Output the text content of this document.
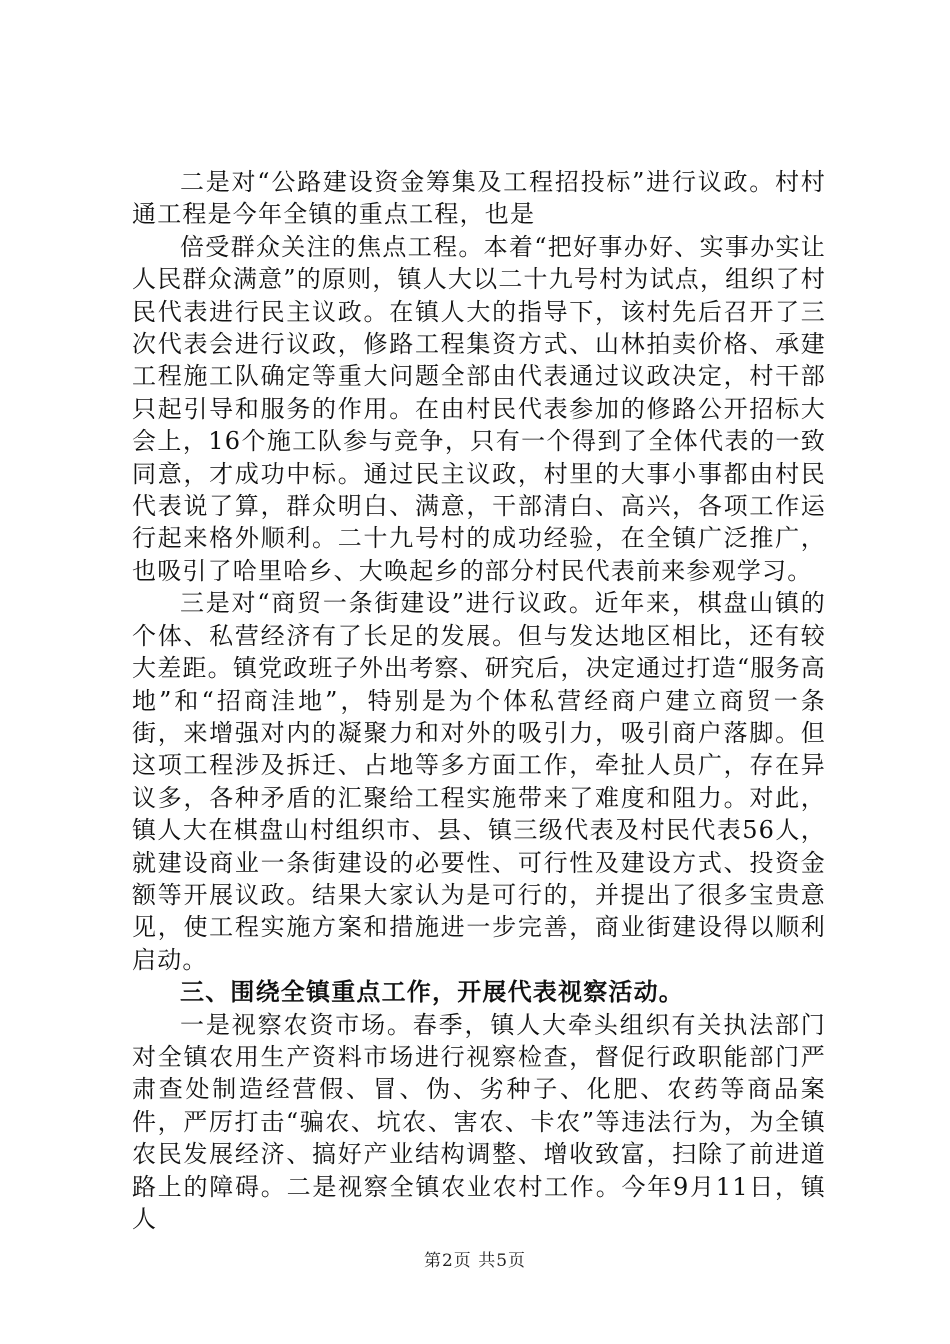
二是对“公路建设资金筹集及工程招投标”进行议政。村村通工程是今年全镇的重点工程，也是

倍受群众关注的焦点工程。本着“把好事办好、实事办实让人民群众满意”的原则，镇人大以二十九号村为试点，组织了村民代表进行民主议政。在镇人大的指导下，该村先后召开了三次代表会进行议政，修路工程集资方式、山林拍卖价格、承建工程施工队确定等重大问题全部由代表通过议政决定，村干部只起引导和服务的作用。在由村民代表参加的修路公开招标大会上，16个施工队参与竞争，只有一个得到了全体代表的一致同意，才成功中标。通过民主议政，村里的大事小事都由村民代表说了算，群众明白、满意，干部清白、高兴，各项工作运行起来格外顺利。二十九号村的成功经验，在全镇广泛推广，也吸引了哈里哈乡、大唤起乡的部分村民代表前来参观学习。

三是对“商贸一条街建设”进行议政。近年来，棋盘山镇的个体、私营经济有了长足的发展。但与发达地区相比，还有较大差距。镇党政班子外出考察、研究后，决定通过打造“服务高地”和“招商洼地”，特别是为个体私营经商户建立商贸一条街，来增强对内的凝聚力和对外的吸引力，吸引商户落脚。但这项工程涉及拆迁、占地等多方面工作，牵扯人员广，存在异议多，各种矛盾的汇聚给工程实施带来了难度和阻力。对此，镇人大在棋盘山村组织市、县、镇三级代表及村民代表56人，就建设商业一条街建设的必要性、可行性及建设方式、投资金额等开展议政。结果大家认为是可行的，并提出了很多宝贵意见，使工程实施方案和措施进一步完善，商业街建设得以顺利启动。

三、围绕全镇重点工作，开展代表视察活动。

一是视察农资市场。春季，镇人大牵头组织有关执法部门对全镇农用生产资料市场进行视察检查，督促行政职能部门严肃查处制造经营假、冒、伪、劣种子、化肥、农药等商品案件，严厉打击“骗农、坑农、害农、卡农”等违法行为，为全镇农民发展经济、搞好产业结构调整、增收致富，扫除了前进道路上的障碍。二是视察全镇农业农村工作。今年9月11日，镇人

第2页 共5页
